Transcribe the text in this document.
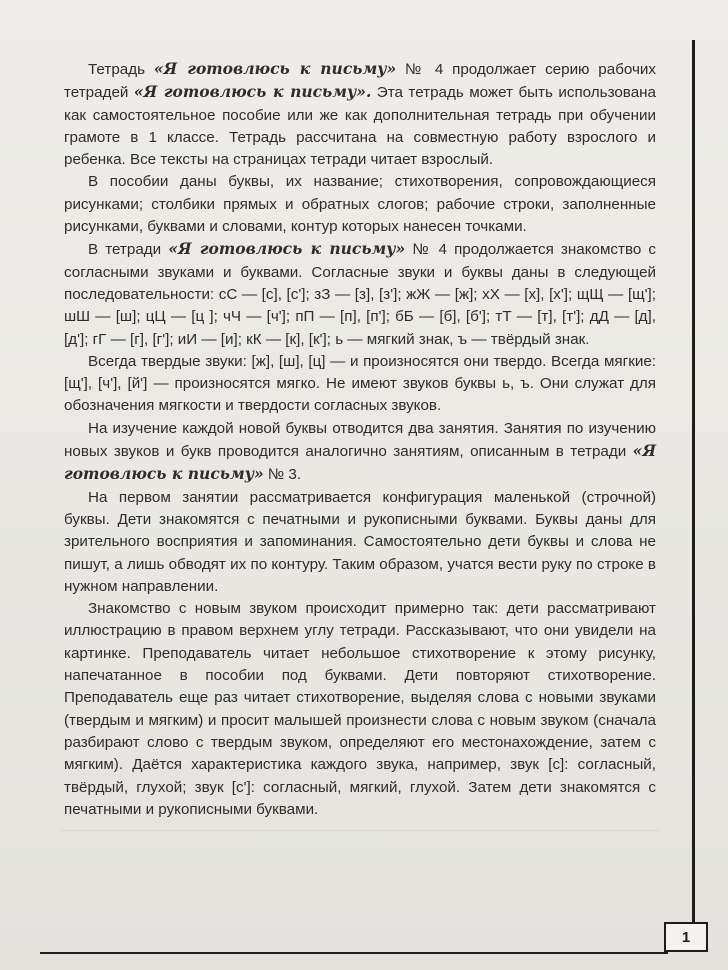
Тетрадь «Я готовлюсь к письму» № 4 продолжает серию рабочих тетрадей «Я готовлюсь к письму». Эта тетрадь может быть использована как самостоятельное пособие или же как дополнительная тетрадь при обучении грамоте в 1 классе. Тетрадь рассчитана на совместную работу взрослого и ребенка. Все тексты на страницах тетради читает взрослый.

В пособии даны буквы, их название; стихотворения, сопровождающиеся рисунками; столбики прямых и обратных слогов; рабочие строки, заполненные рисунками, буквами и словами, контур которых нанесен точками.

В тетради «Я готовлюсь к письму» № 4 продолжается знакомство с согласными звуками и буквами. Согласные звуки и буквы даны в следующей последовательности: сС — [с], [с']; зЗ — [з], [з']; жЖ — [ж]; хХ — [х], [х']; щЩ — [щ']; шШ — [ш]; цЦ — [ц ]; чЧ — [ч']; пП — [п], [п']; бБ — [б], [б']; тТ — [т], [т']; дД — [д], [д']; гГ — [г], [г']; иИ — [и]; кК — [к], [к']; ь — мягкий знак, ъ — твёрдый знак.

Всегда твердые звуки: [ж], [ш], [ц] — и произносятся они твердо. Всегда мягкие: [щ'], [ч'], [й'] — произносятся мягко. Не имеют звуков буквы ь, ъ. Они служат для обозначения мягкости и твердости согласных звуков.

На изучение каждой новой буквы отводится два занятия. Занятия по изучению новых звуков и букв проводится аналогично занятиям, описанным в тетради «Я готовлюсь к письму» № 3.

На первом занятии рассматривается конфигурация маленькой (строчной) буквы. Дети знакомятся с печатными и рукописными буквами. Буквы даны для зрительного восприятия и запоминания. Самостоятельно дети буквы и слова не пишут, а лишь обводят их по контуру. Таким образом, учатся вести руку по строке в нужном направлении.

Знакомство с новым звуком происходит примерно так: дети рассматривают иллюстрацию в правом верхнем углу тетради. Рассказывают, что они увидели на картинке. Преподаватель читает небольшое стихотворение к этому рисунку, напечатанное в пособии под буквами. Дети повторяют стихотворение. Преподаватель еще раз читает стихотворение, выделяя слова с новыми звуками (твердым и мягким) и просит малышей произнести слова с новым звуком (сначала разбирают слово с твердым звуком, определяют его местонахождение, затем с мягким). Даётся характеристика каждого звука, например, звук [с]: согласный, твёрдый, глухой; звук [с']: согласный, мягкий, глухой. Затем дети знакомятся с печатными и рукописными буквами.

1
